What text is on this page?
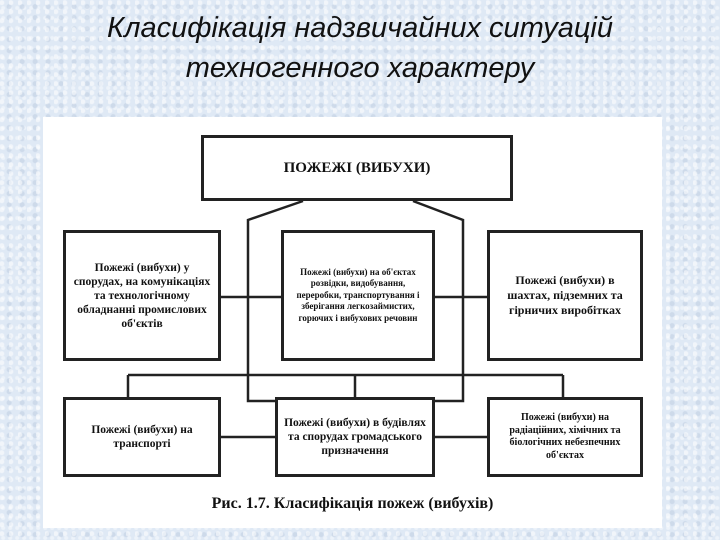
Класифікація надзвичайних ситуацій
техногенного характеру
ПОЖЕЖІ (ВИБУХИ)
Пожежі (вибухи) у спорудах, на комунікаціях та технологічному обладнанні промислових об'єктів
Пожежі (вибухи) на об'єктах розвідки, видобування, переробки, транспортування і зберігання легкозаймистих, горючих і вибухових речовин
Пожежі (вибухи) в шахтах, підземних та гірничих виробітках
Пожежі (вибухи) на транспорті
Пожежі (вибухи) в будівлях та спорудах громадського призначення
Пожежі (вибухи) на радіаційних, хімічних та біологічних небезпечних об'єктах
Рис. 1.7. Класифікація пожеж (вибухів)
